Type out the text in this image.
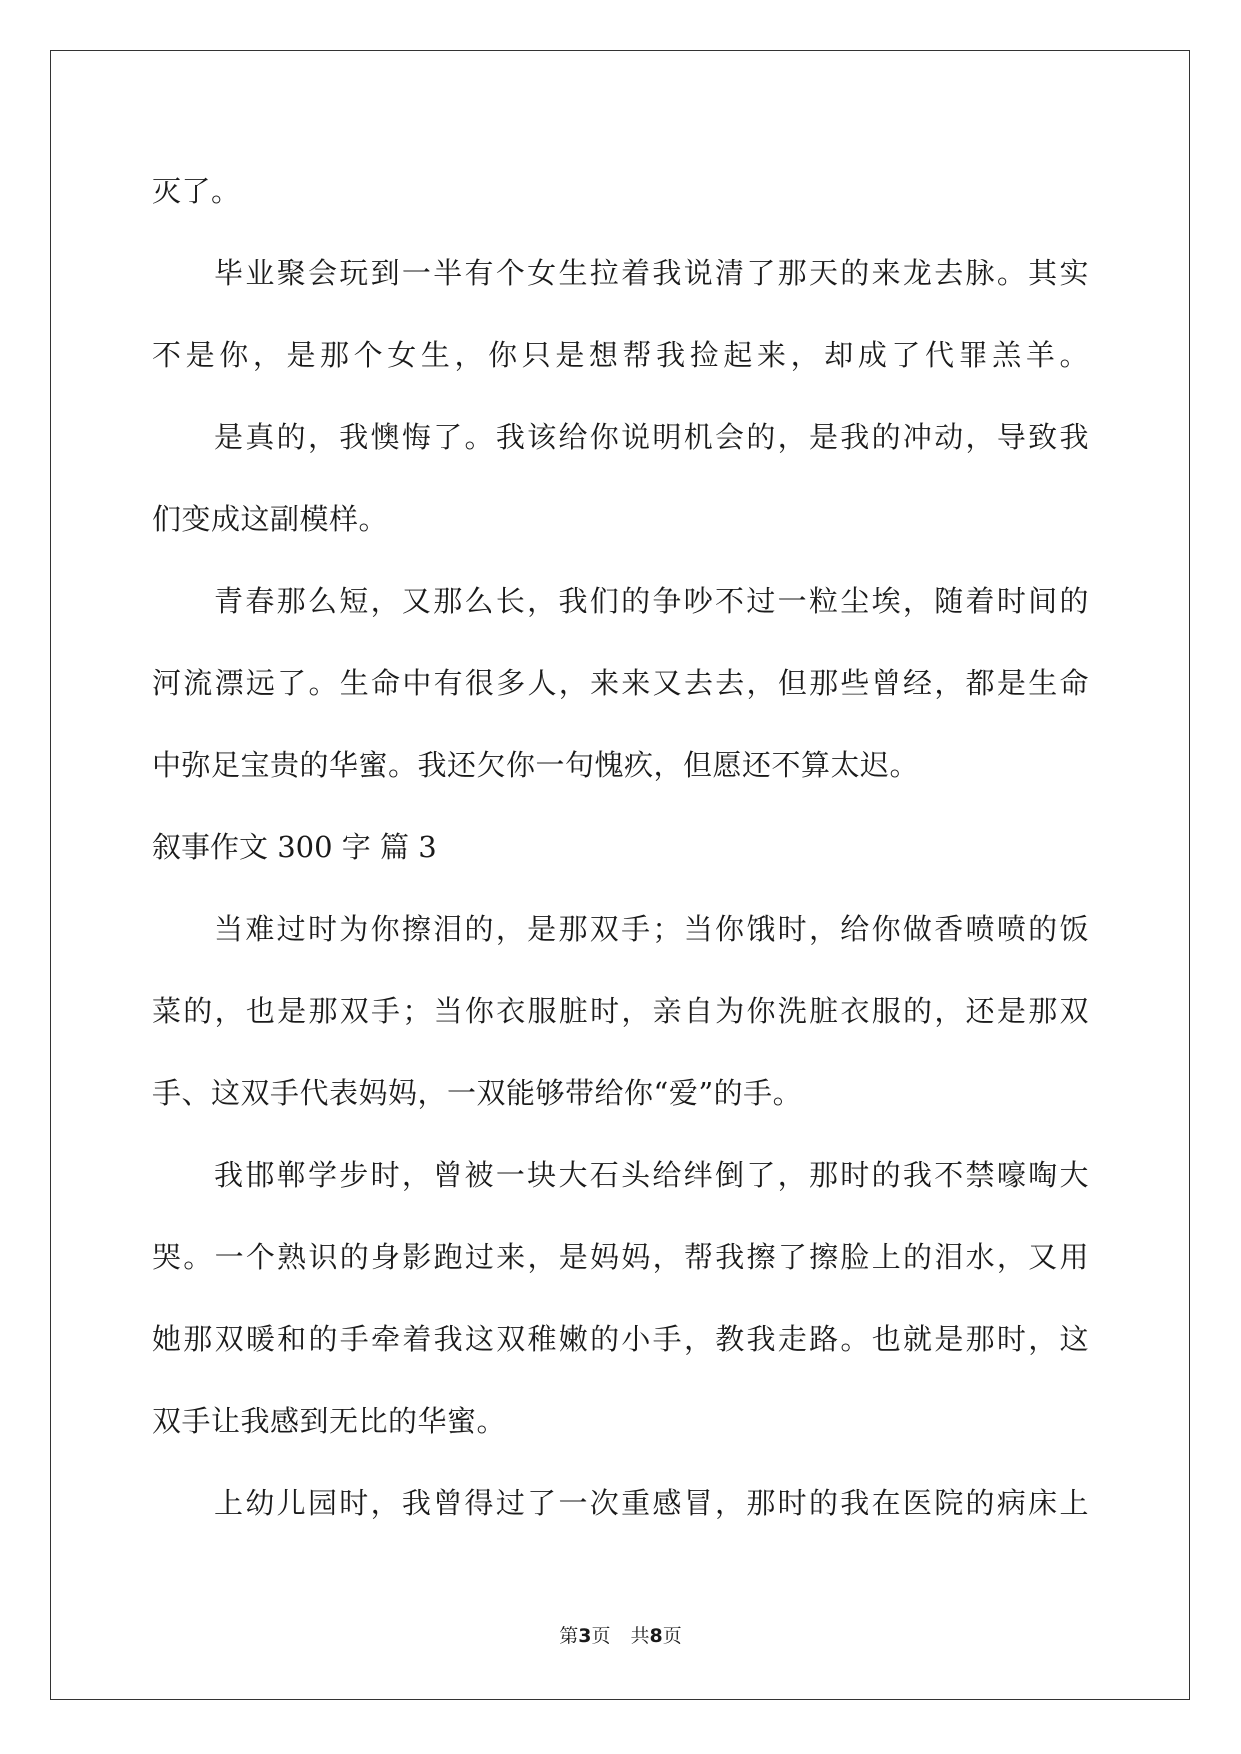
灭了。
毕业聚会玩到一半有个女生拉着我说清了那天的来龙去脉。其实
不是你，是那个女生，你只是想帮我捡起来，却成了代罪羔羊。
是真的，我懊悔了。我该给你说明机会的，是我的冲动，导致我
们变成这副模样。
青春那么短，又那么长，我们的争吵不过一粒尘埃，随着时间的
河流漂远了。生命中有很多人，来来又去去，但那些曾经，都是生命
中弥足宝贵的华蜜。我还欠你一句愧疚，但愿还不算太迟。
叙事作文 300 字 篇 3
当难过时为你擦泪的，是那双手；当你饿时，给你做香喷喷的饭
菜的，也是那双手；当你衣服脏时，亲自为你洗脏衣服的，还是那双
手、这双手代表妈妈，一双能够带给你“爱”的手。
我邯郸学步时，曾被一块大石头给绊倒了，那时的我不禁嚎啕大
哭。一个熟识的身影跑过来，是妈妈，帮我擦了擦脸上的泪水，又用
她那双暖和的手牵着我这双稚嫩的小手，教我走路。也就是那时，这
双手让我感到无比的华蜜。
上幼儿园时，我曾得过了一次重感冒，那时的我在医院的病床上
第3页 共8页
